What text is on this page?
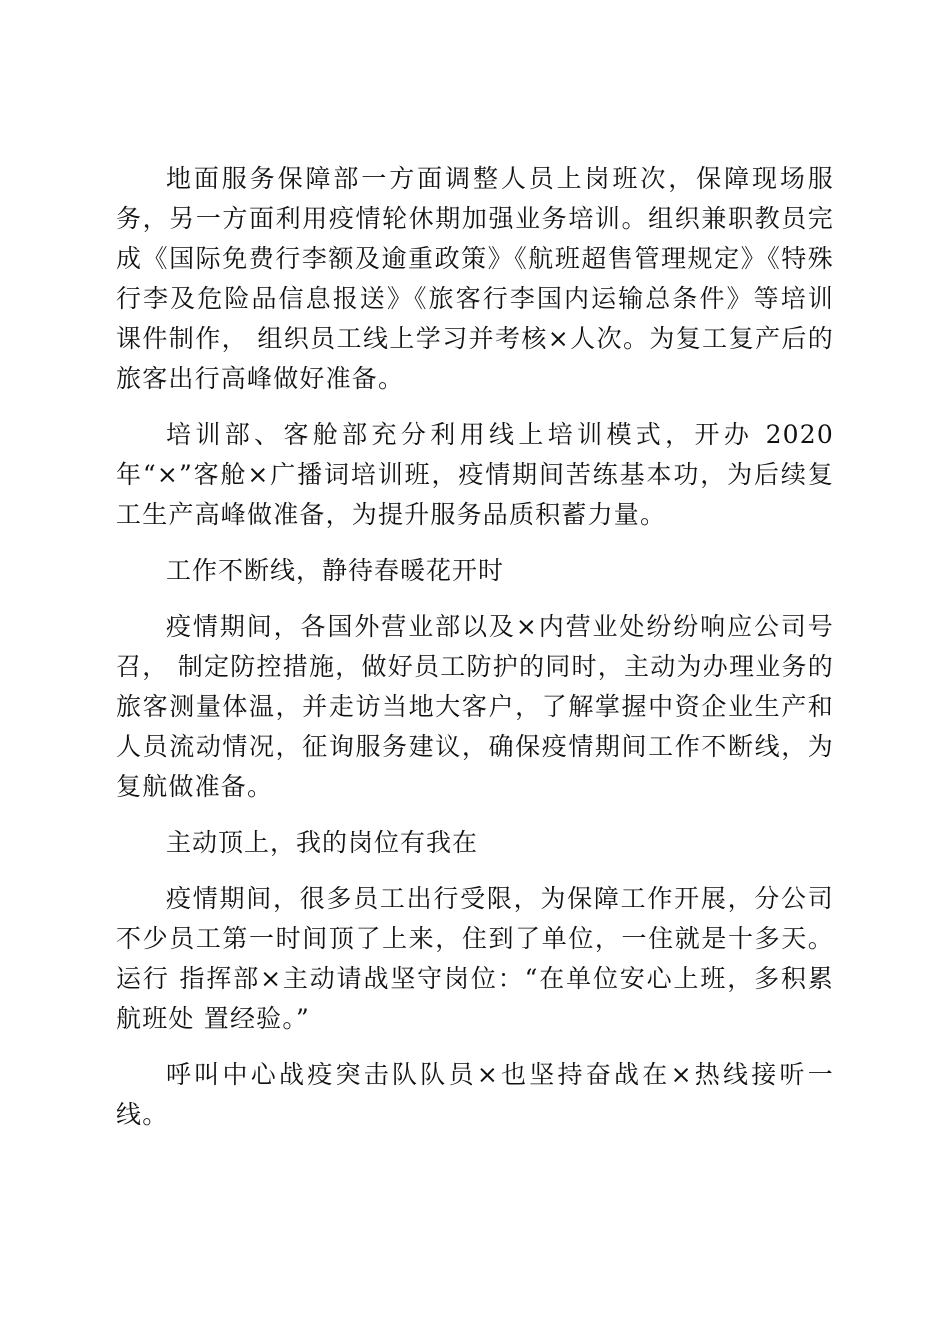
地面服务保障部一方面调整人员上岗班次，保障现场服务，另一方面利用疫情轮休期加强业务培训。组织兼职教员完成《国际免费行李额及逾重政策》《航班超售管理规定》《特殊行李及危险品信息报送》《旅客行李国内运输总条件》等培训课件制作， 组织员工线上学习并考核×人次。为复工复产后的旅客出行高峰做好准备。

培训部、客舱部充分利用线上培训模式，开办 2020 年“×”客舱×广播词培训班，疫情期间苦练基本功，为后续复工生产高峰做准备，为提升服务品质积蓄力量。

工作不断线，静待春暖花开时

疫情期间，各国外营业部以及×内营业处纷纷响应公司号召， 制定防控措施，做好员工防护的同时，主动为办理业务的旅客测量体温，并走访当地大客户，了解掌握中资企业生产和人员流动情况，征询服务建议，确保疫情期间工作不断线，为复航做准备。

主动顶上，我的岗位有我在

疫情期间，很多员工出行受限，为保障工作开展，分公司不少员工第一时间顶了上来，住到了单位，一住就是十多天。运行 指挥部×主动请战坚守岗位：“在单位安心上班，多积累航班处 置经验。”

呼叫中心战疫突击队队员×也坚持奋战在×热线接听一线。
